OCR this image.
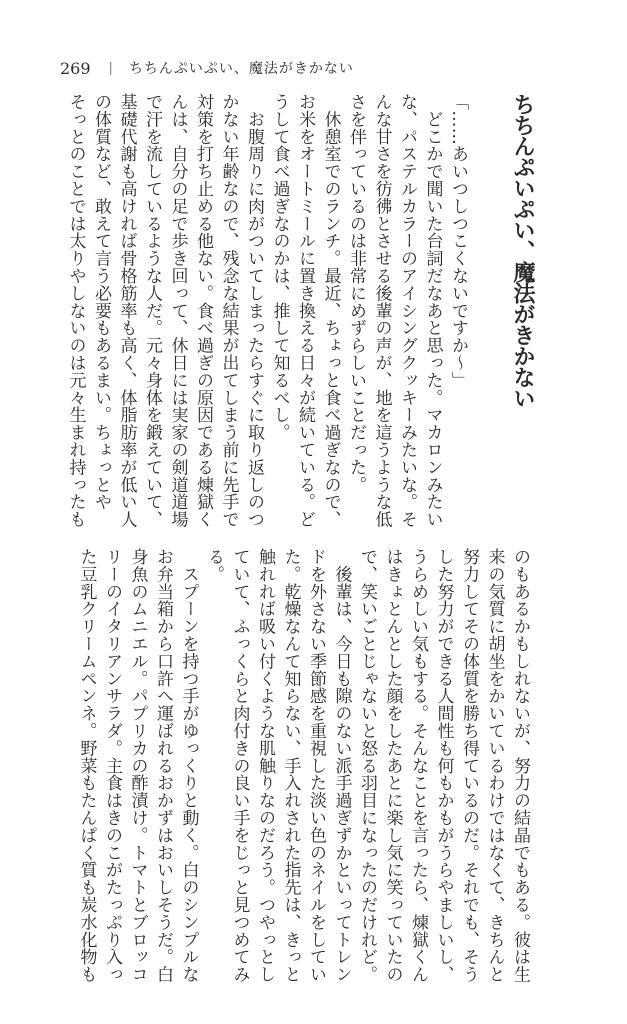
269 | ちちんぷいぷい、魔法がきかない
ちちんぷいぷい、魔法がきかない
「……あいつしつこくないですか〜」
　どこかで聞いた台詞だなあと思った。マカロンみたい
な、パステルカラーのアイシングクッキーみたいな。そ
んな甘さを彷彿とさせる後輩の声が、地を這うような低
さを伴っているのは非常にめずらしいことだった。
　休憩室でのランチ。最近、ちょっと食べ過ぎなので、
お米をオートミールに置き換える日々が続いている。ど
うして食べ過ぎなのかは、推して知るべし。
　お腹周りに肉がついてしまったらすぐに取り返しのつ
かない年齢なので、残念な結果が出てしまう前に先手で
対策を打ち止める他ない。食べ過ぎの原因である煉獄く
んは、自分の足で歩き回って、休日には実家の剣道道場
で汗を流しているような人だ。元々身体を鍛えていて、
基礎代謝も高ければ骨格筋率も高く、体脂肪率が低い人
の体質など、敢えて言う必要もあるまい。ちょっとや
そっとのことでは太りやしないのは元々生まれ持ったも
のもあるかもしれないが、努力の結晶でもある。彼は生
来の気質に胡坐をかいているわけではなくて、きちんと
努力してその体質を勝ち得ているのだ。それでも、そう
した努力ができる人間性も何もかもがうらやましいし、
うらめしい気もする。そんなことを言ったら、煉獄くん
はきょとんとした顔をしたあとに楽し気に笑っていたの
で、笑いごとじゃないと怒る羽目になったのだけれど。
　後輩は、今日も隙のない派手過ぎずかといってトレン
ドを外さない季節感を重視した淡い色のネイルをしてい
た。乾燥なんて知らない、手入れされた指先は、きっと
触れれば吸い付くような肌触りなのだろう。つやっとし
ていて、ふっくらと肉付きの良い手をじっと見つめてみ
る。
　スプーンを持つ手がゆっくりと動く。白のシンプルな
お弁当箱から口許へ運ばれるおかずはおいしそうだ。白
身魚のムニエル。パプリカの酢漬け。トマトとブロッコ
リーのイタリアンサラダ。主食はきのこがたっぷり入っ
た豆乳クリームペンネ。野菜もたんぱく質も炭水化物も
